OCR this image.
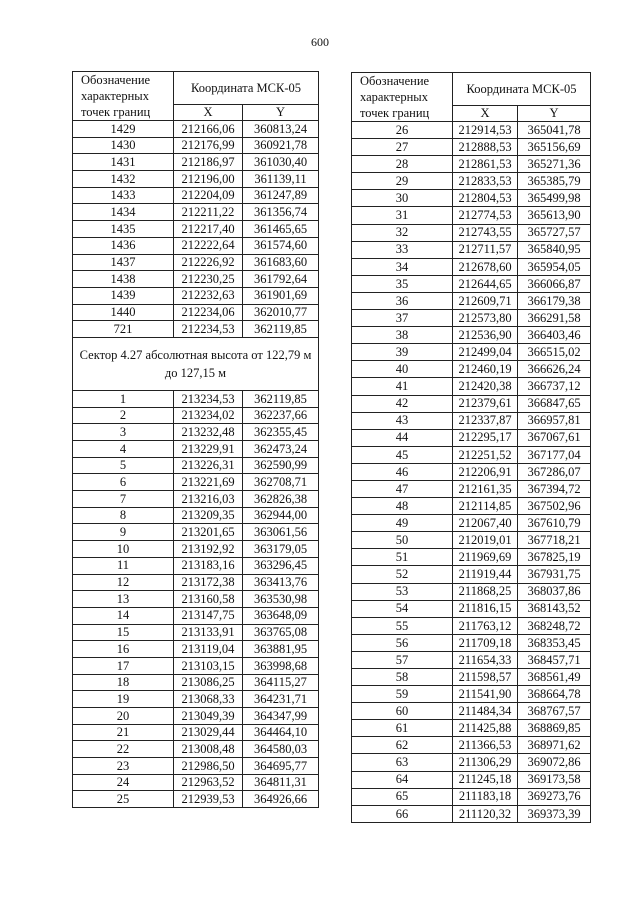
600
Обозначение характерных точек границ	Координата МСК-05	
	X	Y
1429	212166,06	360813,24
1430	212176,99	360921,78
1431	212186,97	361030,40
1432	212196,00	361139,11
1433	212204,09	361247,89
1434	212211,22	361356,74
1435	212217,40	361465,65
1436	212222,64	361574,60
1437	212226,92	361683,60
1438	212230,25	361792,64
1439	212232,63	361901,69
1440	212234,06	362010,77
721	212234,53	362119,85
Сектор 4.27 абсолютная высота от 122,79 м до 127,15 м		
1	213234,53	362119,85
2	213234,02	362237,66
3	213232,48	362355,45
4	213229,91	362473,24
5	213226,31	362590,99
6	213221,69	362708,71
7	213216,03	362826,38
8	213209,35	362944,00
9	213201,65	363061,56
10	213192,92	363179,05
11	213183,16	363296,45
12	213172,38	363413,76
13	213160,58	363530,98
14	213147,75	363648,09
15	213133,91	363765,08
16	213119,04	363881,95
17	213103,15	363998,68
18	213086,25	364115,27
19	213068,33	364231,71
20	213049,39	364347,99
21	213029,44	364464,10
22	213008,48	364580,03
23	212986,50	364695,77
24	212963,52	364811,31
25	212939,53	364926,66
Обозначение характерных точек границ	Координата МСК-05	
	X	Y
26	212914,53	365041,78
27	212888,53	365156,69
28	212861,53	365271,36
29	212833,53	365385,79
30	212804,53	365499,98
31	212774,53	365613,90
32	212743,55	365727,57
33	212711,57	365840,95
34	212678,60	365954,05
35	212644,65	366066,87
36	212609,71	366179,38
37	212573,80	366291,58
38	212536,90	366403,46
39	212499,04	366515,02
40	212460,19	366626,24
41	212420,38	366737,12
42	212379,61	366847,65
43	212337,87	366957,81
44	212295,17	367067,61
45	212251,52	367177,04
46	212206,91	367286,07
47	212161,35	367394,72
48	212114,85	367502,96
49	212067,40	367610,79
50	212019,01	367718,21
51	211969,69	367825,19
52	211919,44	367931,75
53	211868,25	368037,86
54	211816,15	368143,52
55	211763,12	368248,72
56	211709,18	368353,45
57	211654,33	368457,71
58	211598,57	368561,49
59	211541,90	368664,78
60	211484,34	368767,57
61	211425,88	368869,85
62	211366,53	368971,62
63	211306,29	369072,86
64	211245,18	369173,58
65	211183,18	369273,76
66	211120,32	369373,39
